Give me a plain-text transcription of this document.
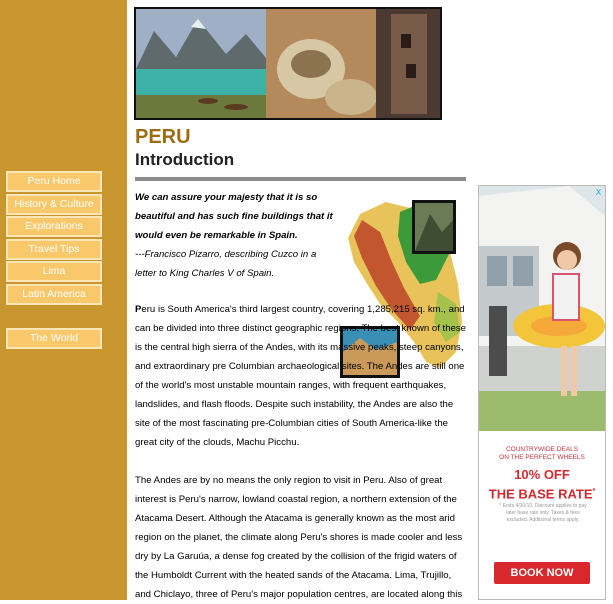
Peru Home
History & Culture
Explorations
Travel Tips
Lima
Latin America
The World
PERU
Introduction

We can assure your majesty that it is so beautiful and has such fine buildings that it would even be remarkable in Spain.

---Francisco Pizarro, describing Cuzco in a letter to King Charles V of Spain.

Peru is South America's third largest country, covering 1,285,215 sq. km., and can be divided into three distinct geographic regions. The best known of these is the central high sierra of the Andes, with its massive peaks, steep canyons, and extraordinary pre Columbian archaeological sites. The Andes are still one of the world's most unstable mountain ranges, with frequent earthquakes, landslides, and flash floods. Despite such instability, the Andes are also the site of the most fascinating pre-Columbian cities of South America-like the great city of the clouds, Machu Picchu.

The Andes are by no means the only region to visit in Peru. Also of great interest is Peru's narrow, lowland coastal region, a northern extension of the Atacama Desert. Although the Atacama is generally known as the most arid region on the planet, the climate along Peru's shores is made cooler and less dry by La Garuúa, a dense fog created by the collision of the frigid waters of the Humboldt Current with the heated sands of the Atacama. Lima, Trujillo, and Chiclayo, three of Peru's major population centres, are located along this

X
COUNTRYWIDE DEALS
ON THE PERFECT WHEELS
10% OFF
THE BASE RATE*
* Ends 4/30/10. Discount applies to pay
later base rate only. Taxes & fees
excluded. Additional terms apply.
BOOK NOW
